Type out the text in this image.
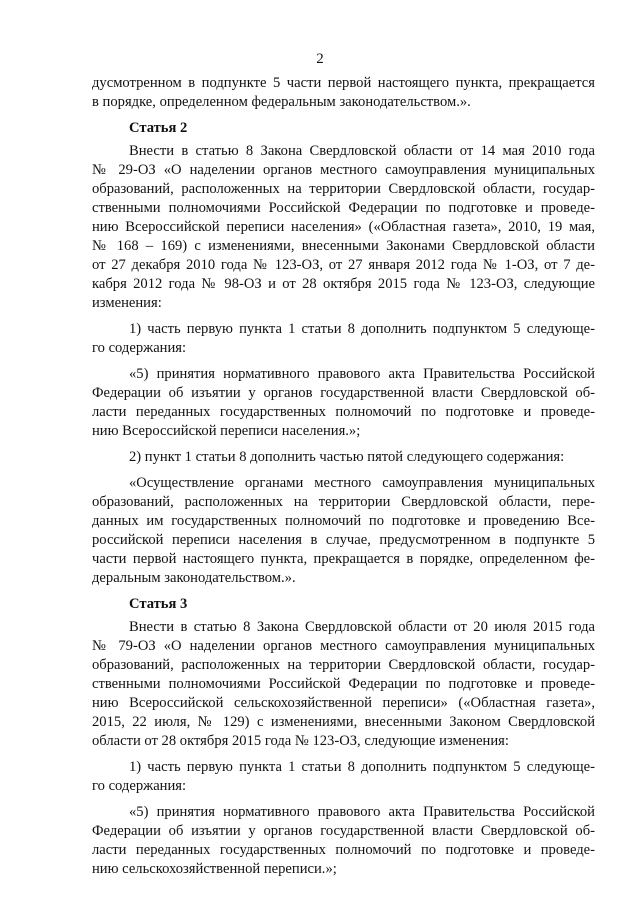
2
дусмотренном в подпункте 5 части первой настоящего пункта, прекращается
в порядке, определенном федеральным законодательством.».
Статья 2
Внести в статью 8 Закона Свердловской области от 14 мая 2010 года
№ 29-ОЗ «О наделении органов местного самоуправления муниципальных
образований, расположенных на территории Свердловской области, государ-
ственными полномочиями Российской Федерации по подготовке и проведе-
нию Всероссийской переписи населения» («Областная газета», 2010, 19 мая,
№ 168 – 169) с изменениями, внесенными Законами Свердловской области
от 27 декабря 2010 года № 123-ОЗ, от 27 января 2012 года № 1-ОЗ, от 7 де-
кабря 2012 года № 98-ОЗ и от 28 октября 2015 года № 123-ОЗ, следующие
изменения:
1) часть первую пункта 1 статьи 8 дополнить подпунктом 5 следующе-
го содержания:
«5) принятия нормативного правового акта Правительства Российской
Федерации об изъятии у органов государственной власти Свердловской об-
ласти переданных государственных полномочий по подготовке и проведе-
нию Всероссийской переписи населения.»;
2) пункт 1 статьи 8 дополнить частью пятой следующего содержания:
«Осуществление органами местного самоуправления муниципальных
образований, расположенных на территории Свердловской области, пере-
данных им государственных полномочий по подготовке и проведению Все-
российской переписи населения в случае, предусмотренном в подпункте 5
части первой настоящего пункта, прекращается в порядке, определенном фе-
деральным законодательством.».
Статья 3
Внести в статью 8 Закона Свердловской области от 20 июля 2015 года
№ 79-ОЗ «О наделении органов местного самоуправления муниципальных
образований, расположенных на территории Свердловской области, государ-
ственными полномочиями Российской Федерации по подготовке и проведе-
нию Всероссийской сельскохозяйственной переписи» («Областная газета»,
2015, 22 июля, № 129) с изменениями, внесенными Законом Свердловской
области от 28 октября 2015 года № 123-ОЗ, следующие изменения:
1) часть первую пункта 1 статьи 8 дополнить подпунктом 5 следующе-
го содержания:
«5) принятия нормативного правового акта Правительства Российской
Федерации об изъятии у органов государственной власти Свердловской об-
ласти переданных государственных полномочий по подготовке и проведе-
нию сельскохозяйственной переписи.»;
